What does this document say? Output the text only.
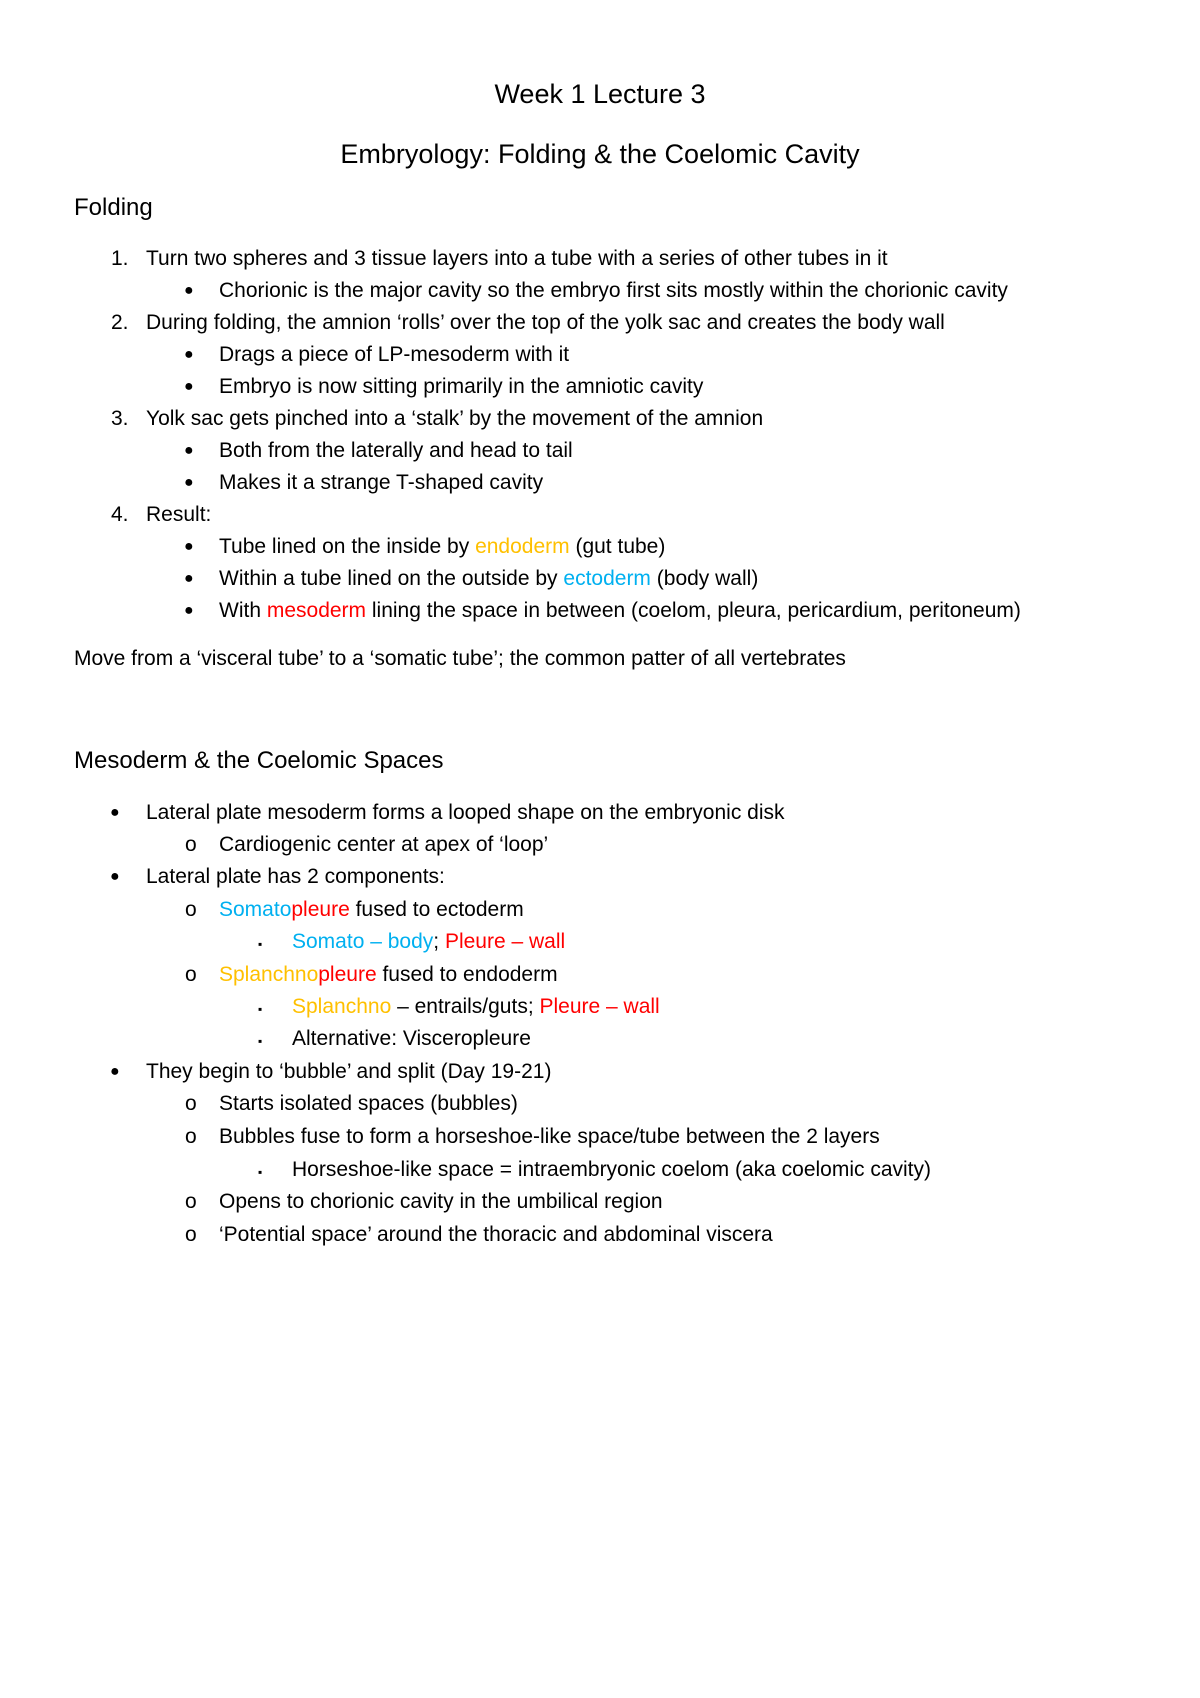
Week 1 Lecture 3
Embryology: Folding & the Coelomic Cavity
Folding
1. Turn two spheres and 3 tissue layers into a tube with a series of other tubes in it
● Chorionic is the major cavity so the embryo first sits mostly within the chorionic cavity
2. During folding, the amnion ‘rolls’ over the top of the yolk sac and creates the body wall
● Drags a piece of LP-mesoderm with it
● Embryo is now sitting primarily in the amniotic cavity
3. Yolk sac gets pinched into a ‘stalk’ by the movement of the amnion
● Both from the laterally and head to tail
● Makes it a strange T-shaped cavity
4. Result:
● Tube lined on the inside by endoderm (gut tube)
● Within a tube lined on the outside by ectoderm (body wall)
● With mesoderm lining the space in between (coelom, pleura, pericardium, peritoneum)
Move from a ‘visceral tube’ to a ‘somatic tube’; the common patter of all vertebrates
Mesoderm & the Coelomic Spaces
● Lateral plate mesoderm forms a looped shape on the embryonic disk
o Cardiogenic center at apex of ‘loop’
● Lateral plate has 2 components:
o Somatopleure fused to ectoderm
▪ Somato – body; Pleure – wall
o Splanchnopleure fused to endoderm
▪ Splanchno – entrails/guts; Pleure – wall
▪ Alternative: Visceropleure
● They begin to ‘bubble’ and split (Day 19-21)
o Starts isolated spaces (bubbles)
o Bubbles fuse to form a horseshoe-like space/tube between the 2 layers
▪ Horseshoe-like space = intraembryonic coelom (aka coelomic cavity)
o Opens to chorionic cavity in the umbilical region
o ‘Potential space’ around the thoracic and abdominal viscera
